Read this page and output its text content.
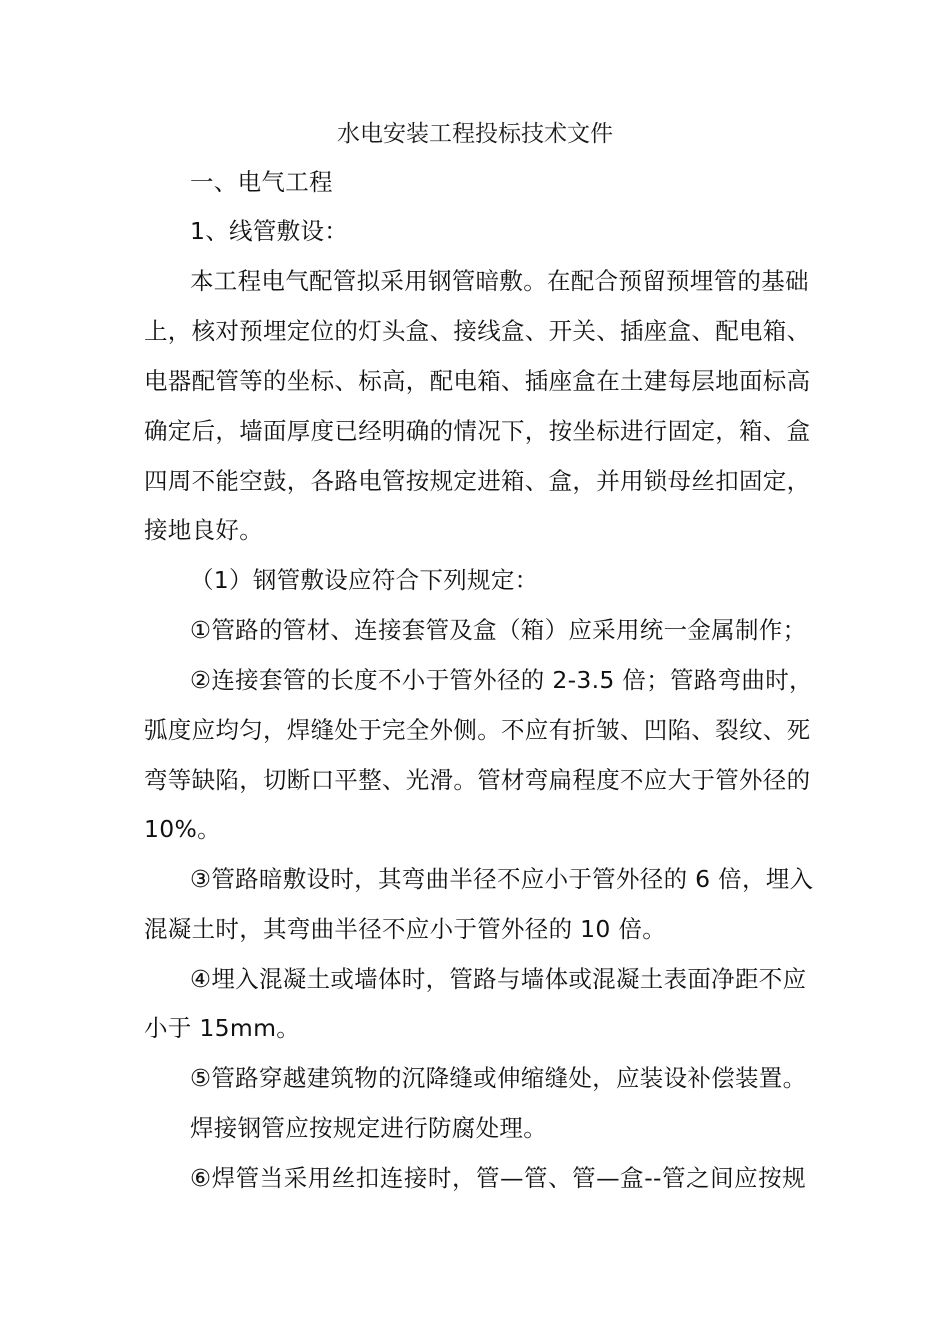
水电安装工程投标技术文件
一、电气工程
1、线管敷设：
本工程电气配管拟采用钢管暗敷。在配合预留预埋管的基础
上，核对预埋定位的灯头盒、接线盒、开关、插座盒、配电箱、
电器配管等的坐标、标高，配电箱、插座盒在土建每层地面标高
确定后，墙面厚度已经明确的情况下，按坐标进行固定，箱、盒
四周不能空鼓，各路电管按规定进箱、盒，并用锁母丝扣固定，
接地良好。
（1）钢管敷设应符合下列规定：
①管路的管材、连接套管及盒（箱）应采用统一金属制作；
②连接套管的长度不小于管外径的 2-3.5 倍；管路弯曲时，
弧度应均匀，焊缝处于完全外侧。不应有折皱、凹陷、裂纹、死
弯等缺陷，切断口平整、光滑。管材弯扁程度不应大于管外径的
10%。
③管路暗敷设时，其弯曲半径不应小于管外径的 6 倍，埋入
混凝土时，其弯曲半径不应小于管外径的 10 倍。
④埋入混凝土或墙体时，管路与墙体或混凝土表面净距不应
小于 15mm。
⑤管路穿越建筑物的沉降缝或伸缩缝处，应装设补偿装置。
焊接钢管应按规定进行防腐处理。
⑥焊管当采用丝扣连接时，管—管、管—盒--管之间应按规
